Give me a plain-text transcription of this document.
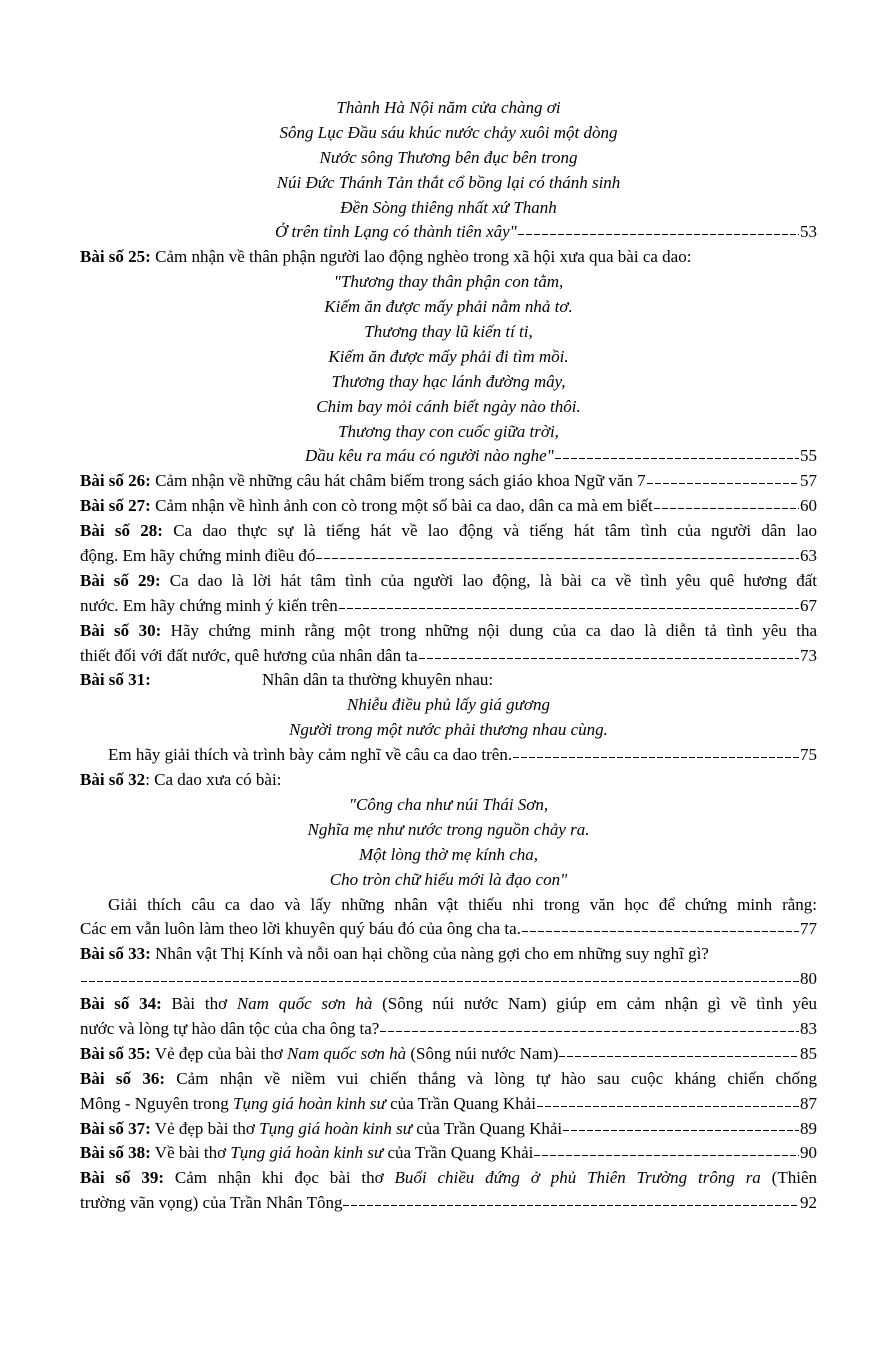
Thành Hà Nội năm cửa chàng ơi
Sông Lục Đầu sáu khúc nước chảy xuôi một dòng
Nước sông Thương bên đục bên trong
Núi Đức Thánh Tản thắt cổ bồng lại có thánh sinh
Đền Sòng thiêng nhất xứ Thanh
Ở trên tỉnh Lạng có thành tiên xây"	53
Bài số 25: Cảm nhận về thân phận người lao động nghèo trong xã hội xưa qua bài ca dao:
"Thương thay thân phận con tằm,
Kiếm ăn được mấy phải nằm nhả tơ.
Thương thay lũ kiến tí ti,
Kiếm ăn được mấy phải đi tìm mồi.
Thương thay hạc lánh đường mây,
Chim bay mỏi cánh biết ngày nào thôi.
Thương thay con cuốc giữa trời,
Dầu kêu ra máu có người nào nghe"	55
Bài số 26: Cảm nhận về những câu hát châm biếm trong sách giáo khoa Ngữ văn 7	57
Bài số 27: Cảm nhận về hình ảnh con cò trong một số bài ca dao, dân ca mà em biết	60
Bài số 28: Ca dao thực sự là tiếng hát về lao động và tiếng hát tâm tình của người dân lao
động. Em hãy chứng minh điều đó	63
Bài số 29: Ca dao là lời hát tâm tình của người lao động, là bài ca về tình yêu quê hương đất
nước. Em hãy chứng minh ý kiến trên	67
Bài số 30: Hãy chứng minh rằng một trong những nội dung của ca dao là diễn tả tình yêu tha
thiết đối với đất nước, quê hương của nhân dân ta	73
Bài số 31:	Nhân dân ta thường khuyên nhau:
Nhiễu điều phủ lấy giá gương
Người trong một nước phải thương nhau cùng.
Em hãy giải thích và trình bày cảm nghĩ về câu ca dao trên.	75
Bài số 32: Ca dao xưa có bài:
"Công cha như núi Thái Sơn,
Nghĩa mẹ như nước trong nguồn chảy ra.
Một lòng thờ mẹ kính cha,
Cho tròn chữ hiếu mới là đạo con"
Giải thích câu ca dao và lấy những nhân vật thiếu nhi trong văn học để chứng minh rằng:
Các em vẫn luôn làm theo lời khuyên quý báu đó của ông cha ta.	77
Bài số 33: Nhân vật Thị Kính và nỗi oan hại chồng của nàng gợi cho em những suy nghĩ gì?
80
Bài số 34: Bài thơ Nam quốc sơn hà (Sông núi nước Nam) giúp em cảm nhận gì về tình yêu
nước và lòng tự hào dân tộc của cha ông ta?	83
Bài số 35: Vẻ đẹp của bài thơ Nam quốc sơn hà (Sông núi nước Nam)	85
Bài số 36: Cảm nhận về niềm vui chiến thắng và lòng tự hào sau cuộc kháng chiến chống
Mông - Nguyên trong Tụng giá hoàn kinh sư của Trần Quang Khải	87
Bài số 37: Vẻ đẹp bài thơ Tụng giá hoàn kinh sư của Trần Quang Khải	89
Bài số 38: Về bài thơ Tụng giá hoàn kinh sư của Trần Quang Khải	90
Bài số 39: Cảm nhận khi đọc bài thơ Buổi chiều đứng ở phủ Thiên Trường trông ra (Thiên
trường vãn vọng) của Trần Nhân Tông	92
